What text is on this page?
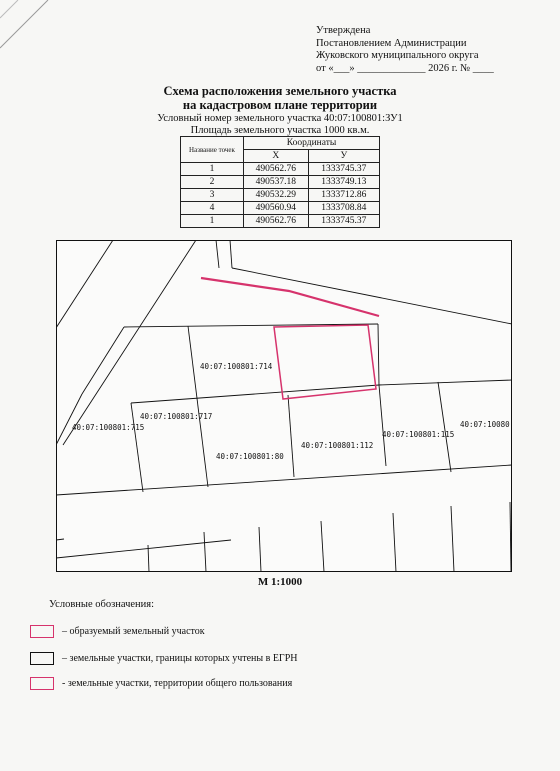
Утверждена
Постановлением Администрации
Жуковского муниципального округа
от «___» _____________ 2026 г. № ____
Схема расположения земельного участка
на кадастровом плане территории
Условный номер земельного участка 40:07:100801:ЗУ1
Площадь земельного участка 1000 кв.м.
Название точек	Координаты	
	Х	У
1	490562.76	1333745.37
2	490537.18	1333749.13
3	490532.29	1333712.86
4	490560.94	1333708.84
1	490562.76	1333745.37
40:07:100801:714
40:07:100801:717
40:07:100801:715
40:07:100801:80
40:07:100801:112
40:07:100801:115
40:07:10080
М 1:1000
Условные обозначения:
– образуемый земельный участок
– земельные участки, границы которых учтены в ЕГРН
- земельные участки, территории общего пользования
